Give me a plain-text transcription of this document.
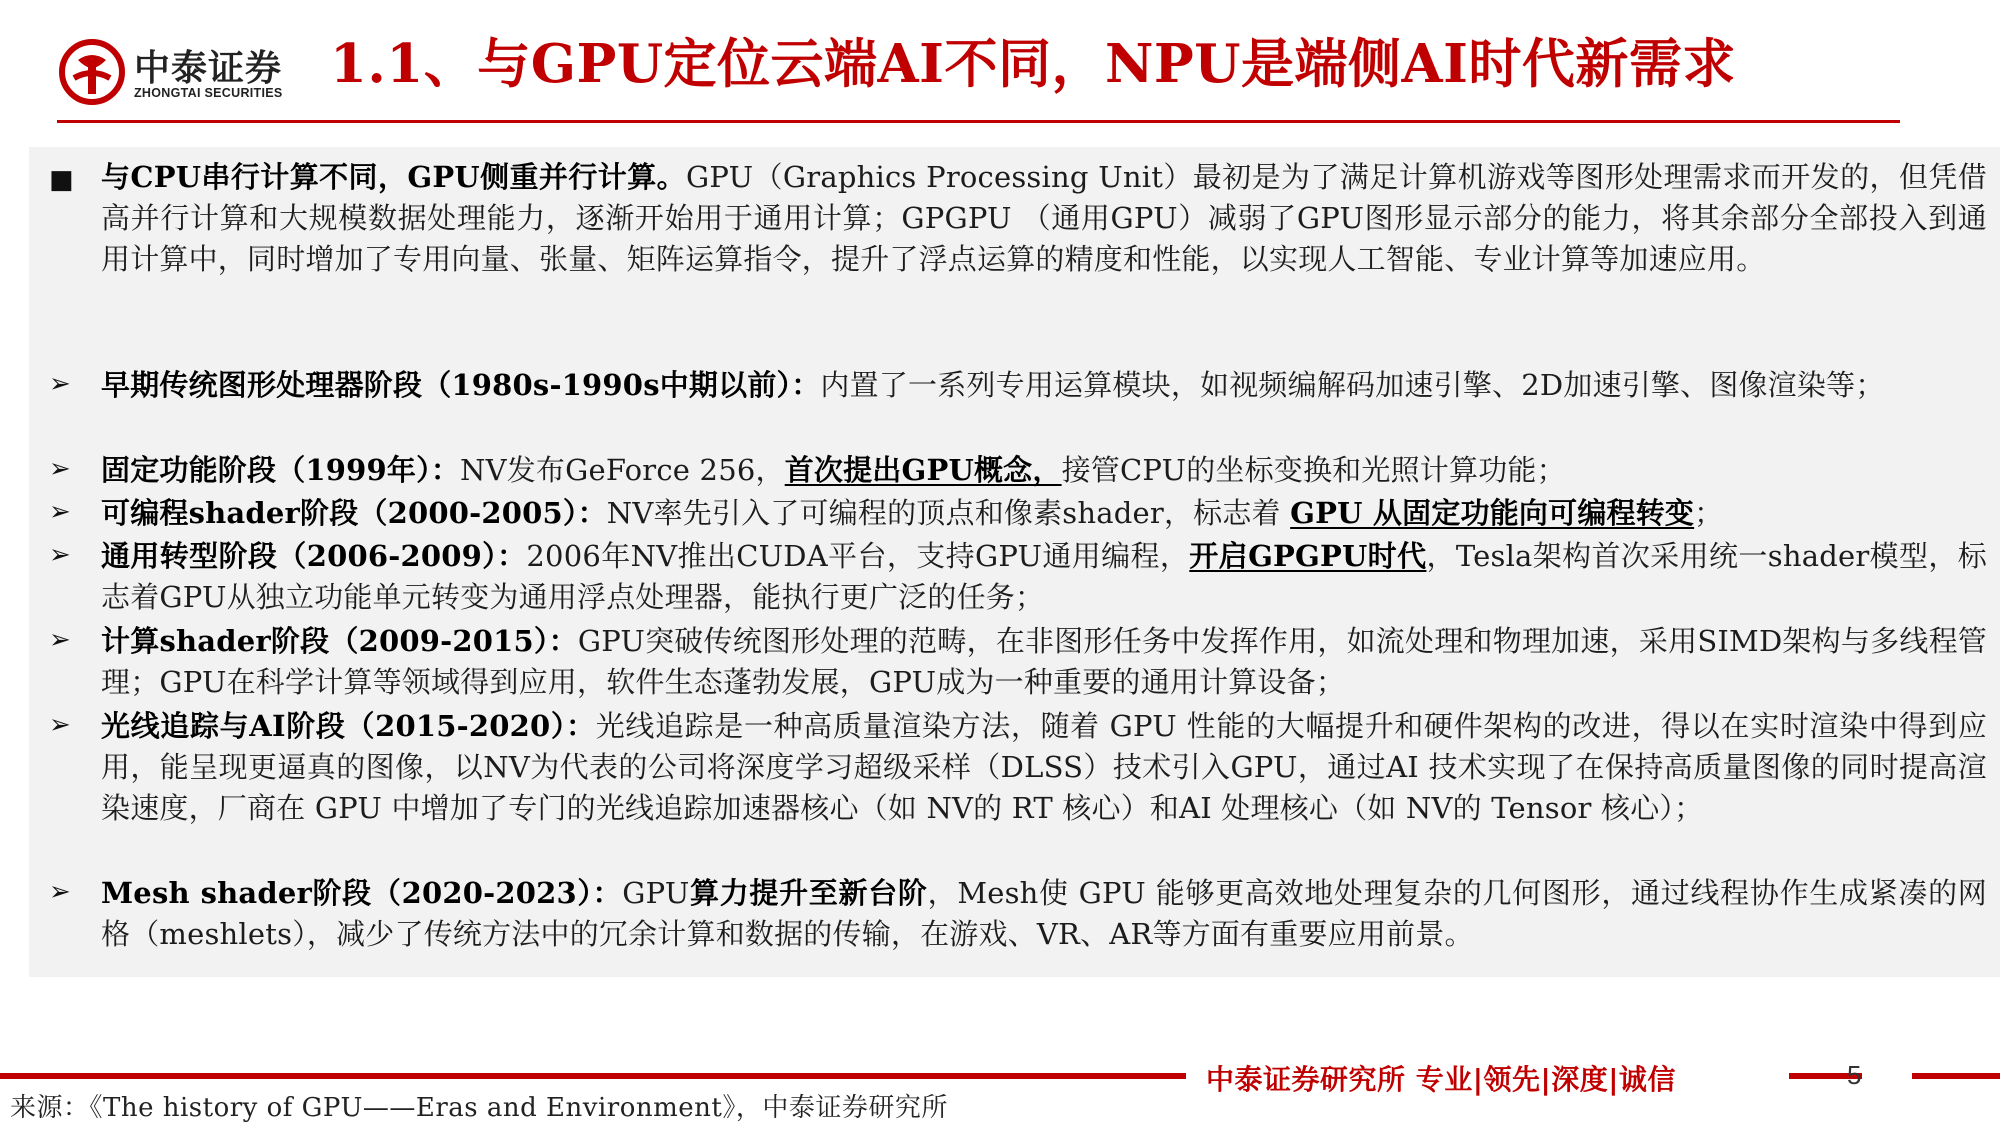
中泰证券
ZHONGTAI SECURITIES 1.1、与GPU定位云端AI不同，NPU是端侧AI时代新需求
■ 与CPU串行计算不同，GPU侧重并行计算。GPU（Graphics Processing Unit）最初是为了满足计算机游戏等图形处理需求而开发的，但凭借高并行计算和大规模数据处理能力，逐渐开始用于通用计算；GPGPU （通用GPU）减弱了GPU图形显示部分的能力，将其余部分全部投入到通用计算中，同时增加了专用向量、张量、矩阵运算指令，提升了浮点运算的精度和性能，以实现人工智能、专业计算等加速应用。
➢ 早期传统图形处理器阶段（1980s-1990s中期以前）：内置了一系列专用运算模块，如视频编解码加速引擎、2D加速引擎、图像渲染等；
➢ 固定功能阶段（1999年）：NV发布GeForce 256，首次提出GPU概念，接管CPU的坐标变换和光照计算功能；
➢ 可编程shader阶段（2000-2005）：NV率先引入了可编程的顶点和像素shader，标志着 GPU 从固定功能向可编程转变；
➢ 通用转型阶段（2006-2009）：2006年NV推出CUDA平台，支持GPU通用编程，开启GPGPU时代，Tesla架构首次采用统一shader模型，标志着GPU从独立功能单元转变为通用浮点处理器，能执行更广泛的任务；
➢ 计算shader阶段（2009-2015）：GPU突破传统图形处理的范畴，在非图形任务中发挥作用，如流处理和物理加速，采用SIMD架构与多线程管理；GPU在科学计算等领域得到应用，软件生态蓬勃发展，GPU成为一种重要的通用计算设备；
➢ 光线追踪与AI阶段（2015-2020）：光线追踪是一种高质量渲染方法，随着 GPU 性能的大幅提升和硬件架构的改进，得以在实时渲染中得到应用，能呈现更逼真的图像，以NV为代表的公司将深度学习超级采样（DLSS）技术引入GPU，通过AI 技术实现了在保持高质量图像的同时提高渲染速度，厂商在 GPU 中增加了专门的光线追踪加速器核心（如 NV的 RT 核心）和AI 处理核心（如 NV的 Tensor 核心）；
➢ Mesh shader阶段（2020-2023）：GPU算力提升至新台阶，Mesh使 GPU 能够更高效地处理复杂的几何图形，通过线程协作生成紧凑的网格（meshlets），减少了传统方法中的冗余计算和数据的传输，在游戏、VR、AR等方面有重要应用前景。
中泰证券研究所 专业|领先|深度|诚信	5
来源：《The history of GPU——Eras and Environment》，中泰证券研究所
